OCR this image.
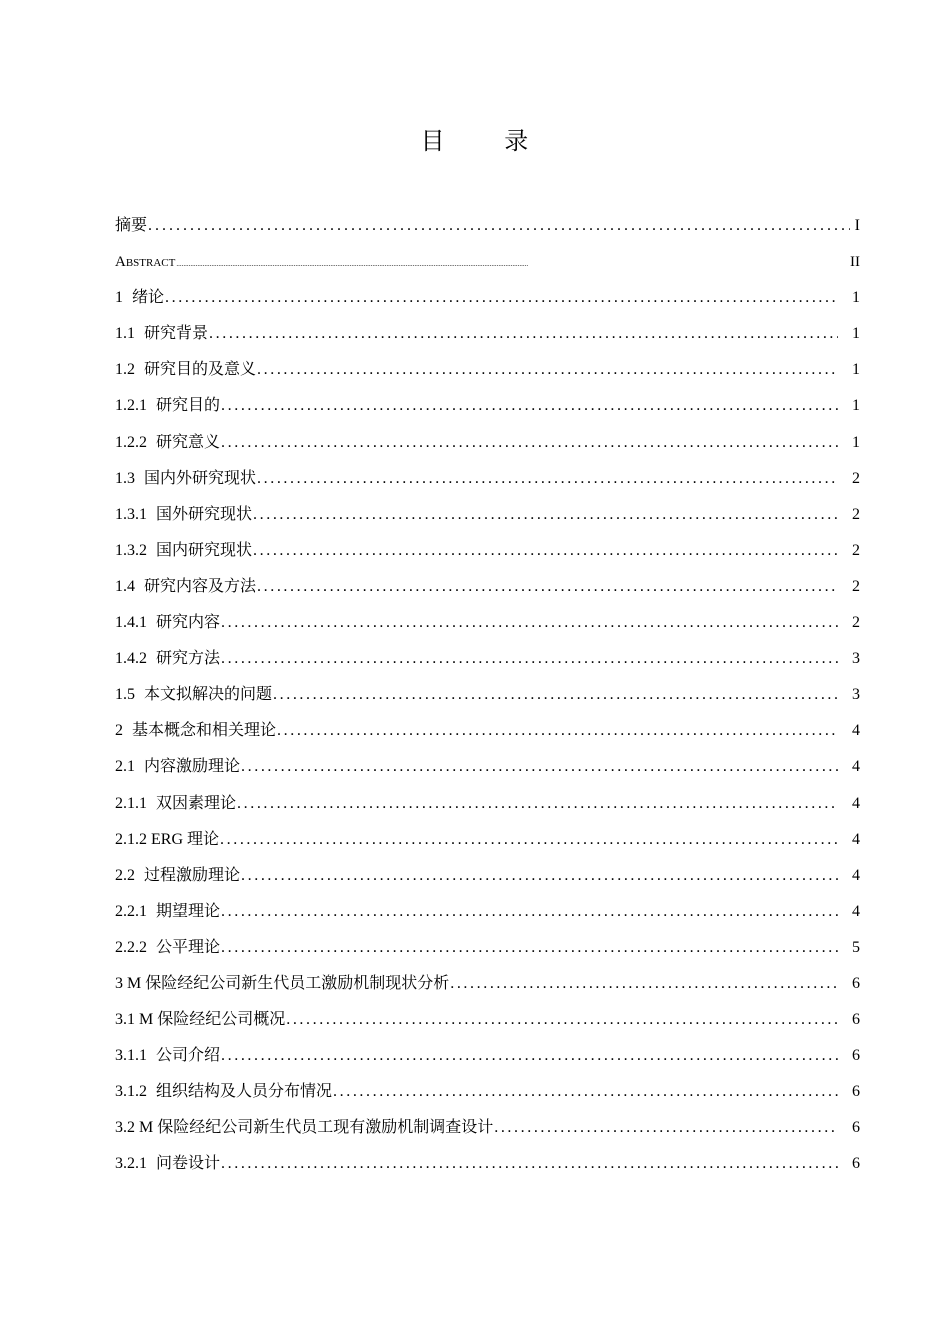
目 录
摘要 .....	I
Abstract .....	II
1 绪论 .....	1
1.1 研究背景 .....	1
1.2 研究目的及意义 .....	1
1.2.1 研究目的 .....	1
1.2.2 研究意义 .....	1
1.3 国内外研究现状 .....	2
1.3.1 国外研究现状 .....	2
1.3.2 国内研究现状 .....	2
1.4 研究内容及方法 .....	2
1.4.1 研究内容 .....	2
1.4.2 研究方法 .....	3
1.5 本文拟解决的问题 .....	3
2 基本概念和相关理论 .....	4
2.1 内容激励理论 .....	4
2.1.1 双因素理论 .....	4
2.1.2 ERG 理论 .....	4
2.2 过程激励理论 .....	4
2.2.1 期望理论 .....	4
2.2.2 公平理论 .....	5
3 M 保险经纪公司新生代员工激励机制现状分析 .....	6
3.1 M 保险经纪公司概况 .....	6
3.1.1 公司介绍 .....	6
3.1.2 组织结构及人员分布情况 .....	6
3.2 M 保险经纪公司新生代员工现有激励机制调查设计 .....	6
3.2.1 问卷设计 .....	6
